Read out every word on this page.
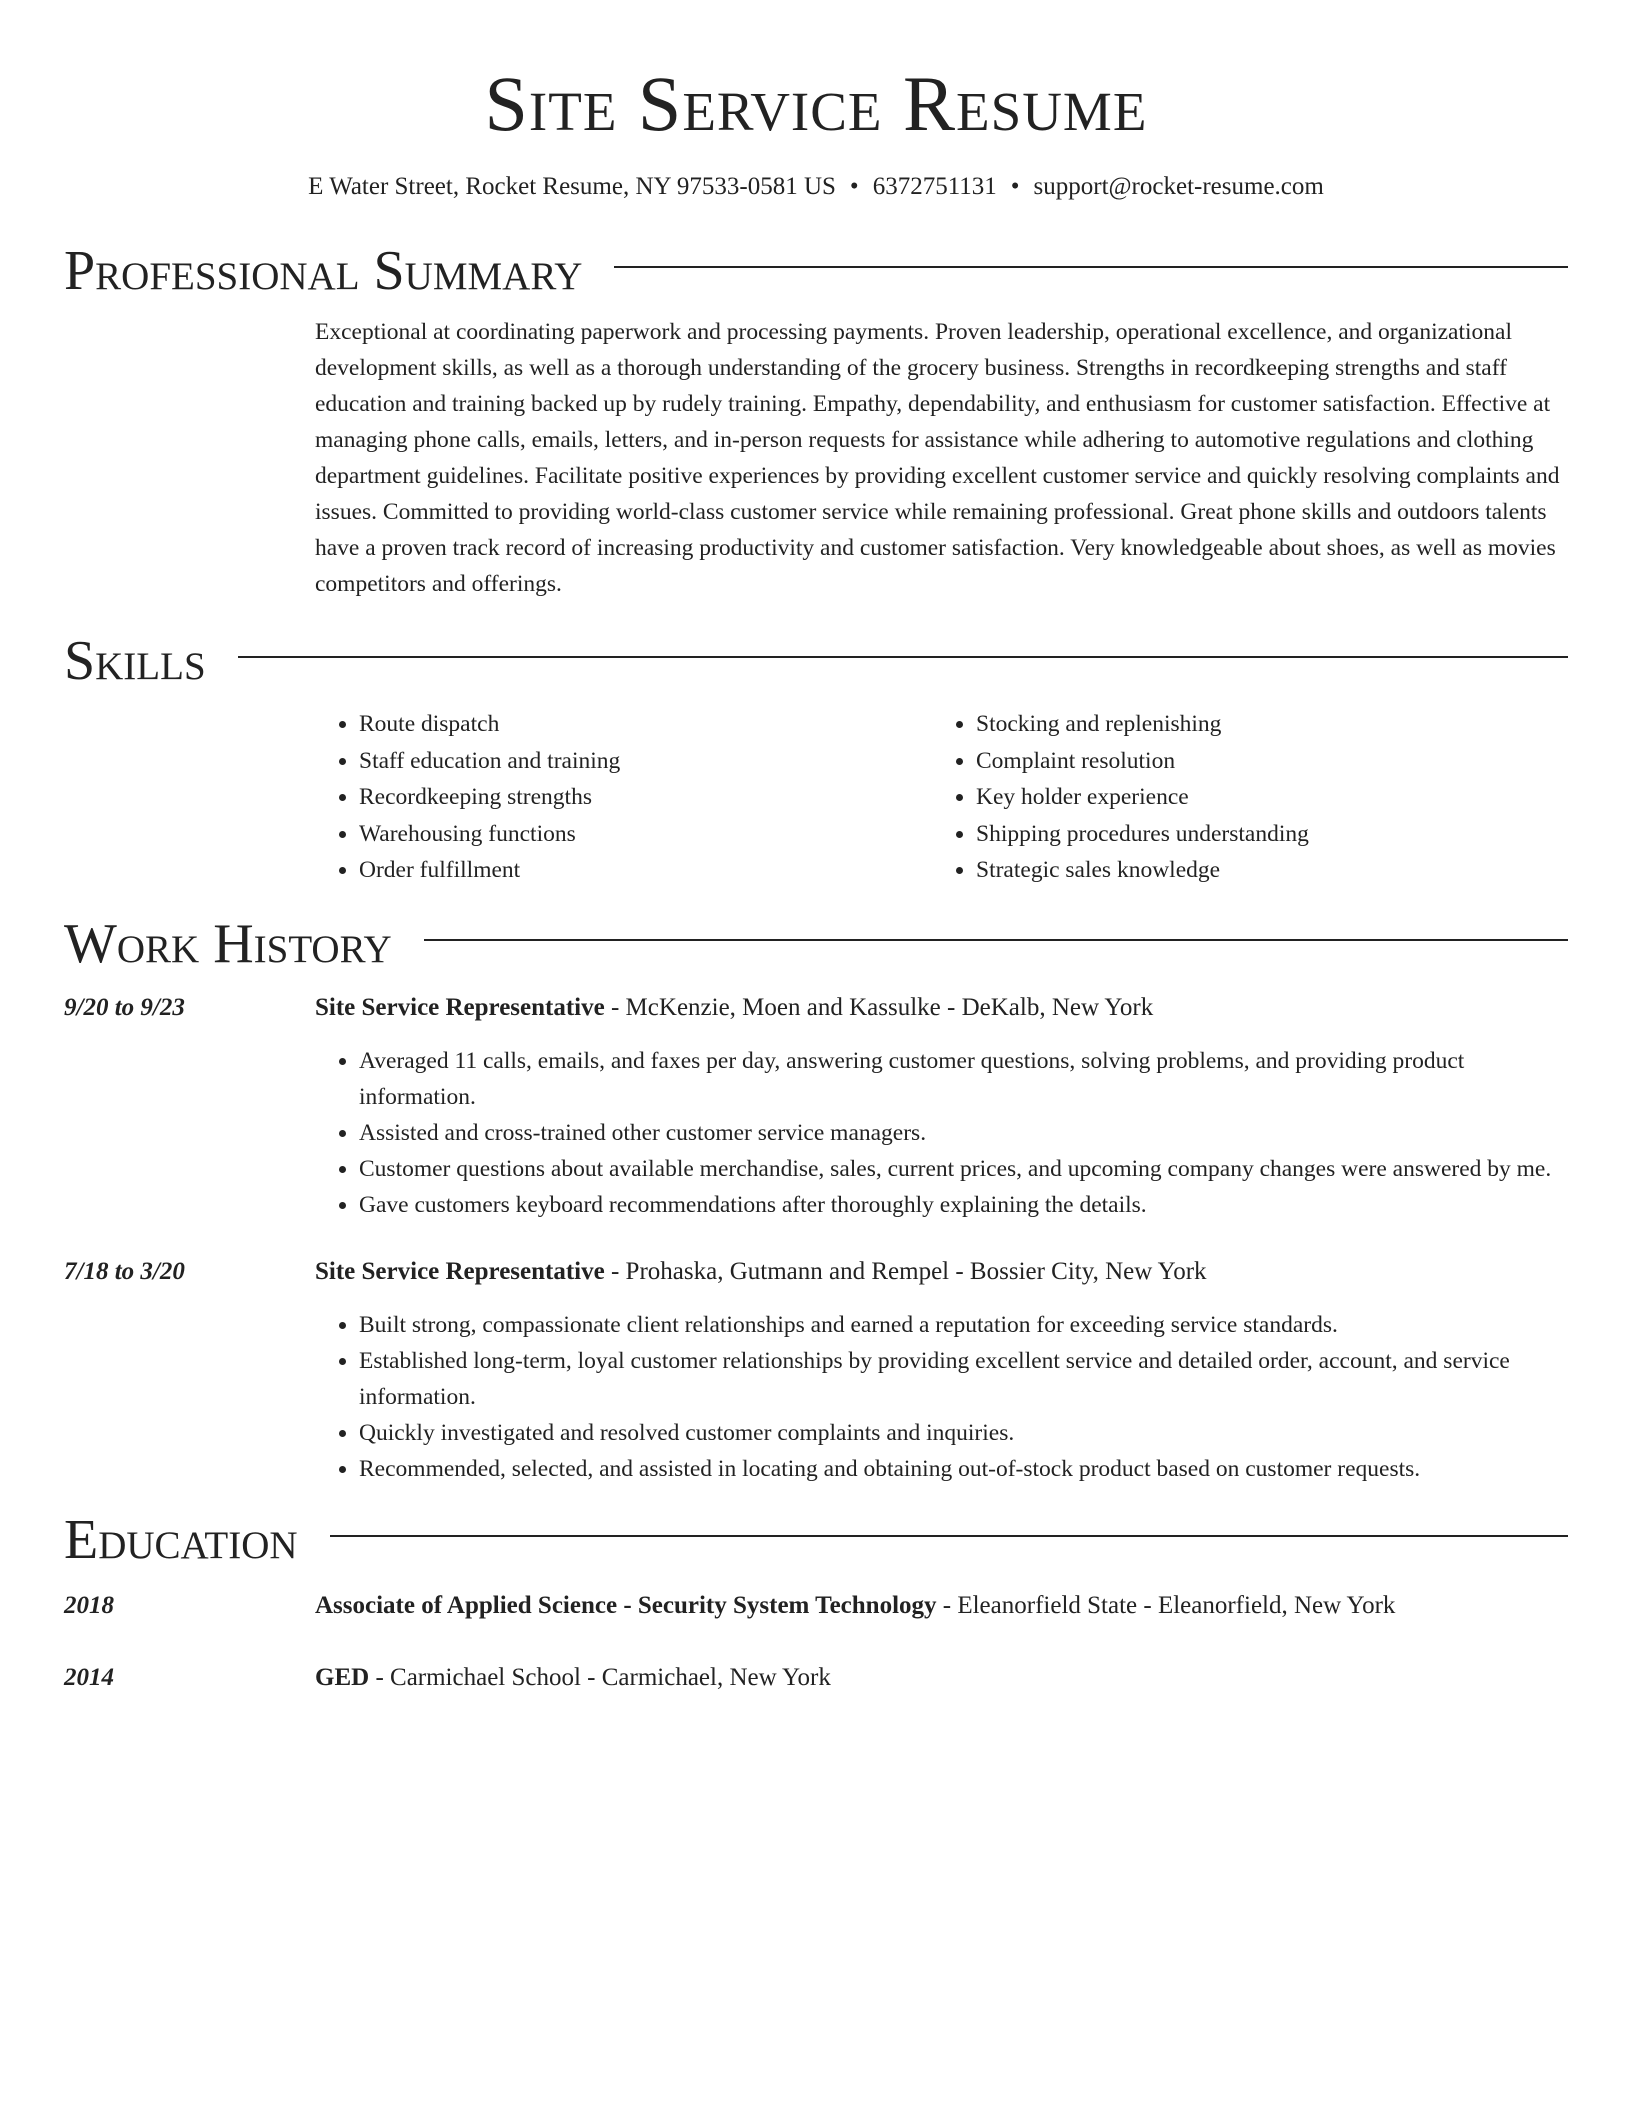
Site Service Resume
E Water Street, Rocket Resume, NY 97533-0581 US • 6372751131 • support@rocket-resume.com
Professional Summary
Exceptional at coordinating paperwork and processing payments. Proven leadership, operational excellence, and organizational development skills, as well as a thorough understanding of the grocery business. Strengths in recordkeeping strengths and staff education and training backed up by rudely training. Empathy, dependability, and enthusiasm for customer satisfaction. Effective at managing phone calls, emails, letters, and in-person requests for assistance while adhering to automotive regulations and clothing department guidelines. Facilitate positive experiences by providing excellent customer service and quickly resolving complaints and issues. Committed to providing world-class customer service while remaining professional. Great phone skills and outdoors talents have a proven track record of increasing productivity and customer satisfaction. Very knowledgeable about shoes, as well as movies competitors and offerings.
Skills
• Route dispatch
• Staff education and training
• Recordkeeping strengths
• Warehousing functions
• Order fulfillment
• Stocking and replenishing
• Complaint resolution
• Key holder experience
• Shipping procedures understanding
• Strategic sales knowledge
Work History
9/20 to 9/23	Site Service Representative - McKenzie, Moen and Kassulke - DeKalb, New York
• Averaged 11 calls, emails, and faxes per day, answering customer questions, solving problems, and providing product information.
• Assisted and cross-trained other customer service managers.
• Customer questions about available merchandise, sales, current prices, and upcoming company changes were answered by me.
• Gave customers keyboard recommendations after thoroughly explaining the details.
7/18 to 3/20	Site Service Representative - Prohaska, Gutmann and Rempel - Bossier City, New York
• Built strong, compassionate client relationships and earned a reputation for exceeding service standards.
• Established long-term, loyal customer relationships by providing excellent service and detailed order, account, and service information.
• Quickly investigated and resolved customer complaints and inquiries.
• Recommended, selected, and assisted in locating and obtaining out-of-stock product based on customer requests.
Education
2018	Associate of Applied Science - Security System Technology - Eleanorfield State - Eleanorfield, New York
2014	GED - Carmichael School - Carmichael, New York
